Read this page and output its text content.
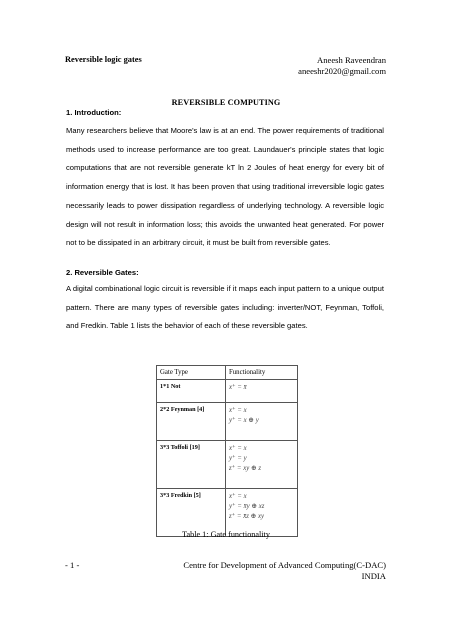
Reversible logic gates	Aneesh Raveendran
aneeshr2020@gmail.com
REVERSIBLE COMPUTING
1. Introduction:
Many researchers believe that Moore's law is at an end. The power requirements of traditional methods used to increase performance are too great. Laundauer's principle states that logic computations that are not reversible generate kT ln 2 Joules of heat energy for every bit of information energy that is lost. It has been proven that using traditional irreversible logic gates necessarily leads to power dissipation regardless of underlying technology. A reversible logic design will not result in information loss; this avoids the unwanted heat generated. For power not to be dissipated in an arbitrary circuit, it must be built from reversible gates.
2. Reversible Gates:
A digital combinational logic circuit is reversible if it maps each input pattern to a unique output pattern. There are many types of reversible gates including: inverter/NOT, Feynman, Toffoli, and Fredkin. Table 1 lists the behavior of each of these reversible gates.
Gate Type	Functionality
1*1 Not	x⁺ = x̄

2*2 Feynman [4]	x⁺ = x
y⁺ = x ⊕ y

3*3 Toffoli [19]	x⁺ = x
y⁺ = y
z⁺ = xy ⊕ z

3*3 Fredkin [5]	x⁺ = x
y⁺ = x̄y ⊕ xz
z⁺ = x̄z ⊕ xy
Table 1: Gate functionality
- 1 -	Centre for Development of Advanced Computing(C-DAC)
INDIA
